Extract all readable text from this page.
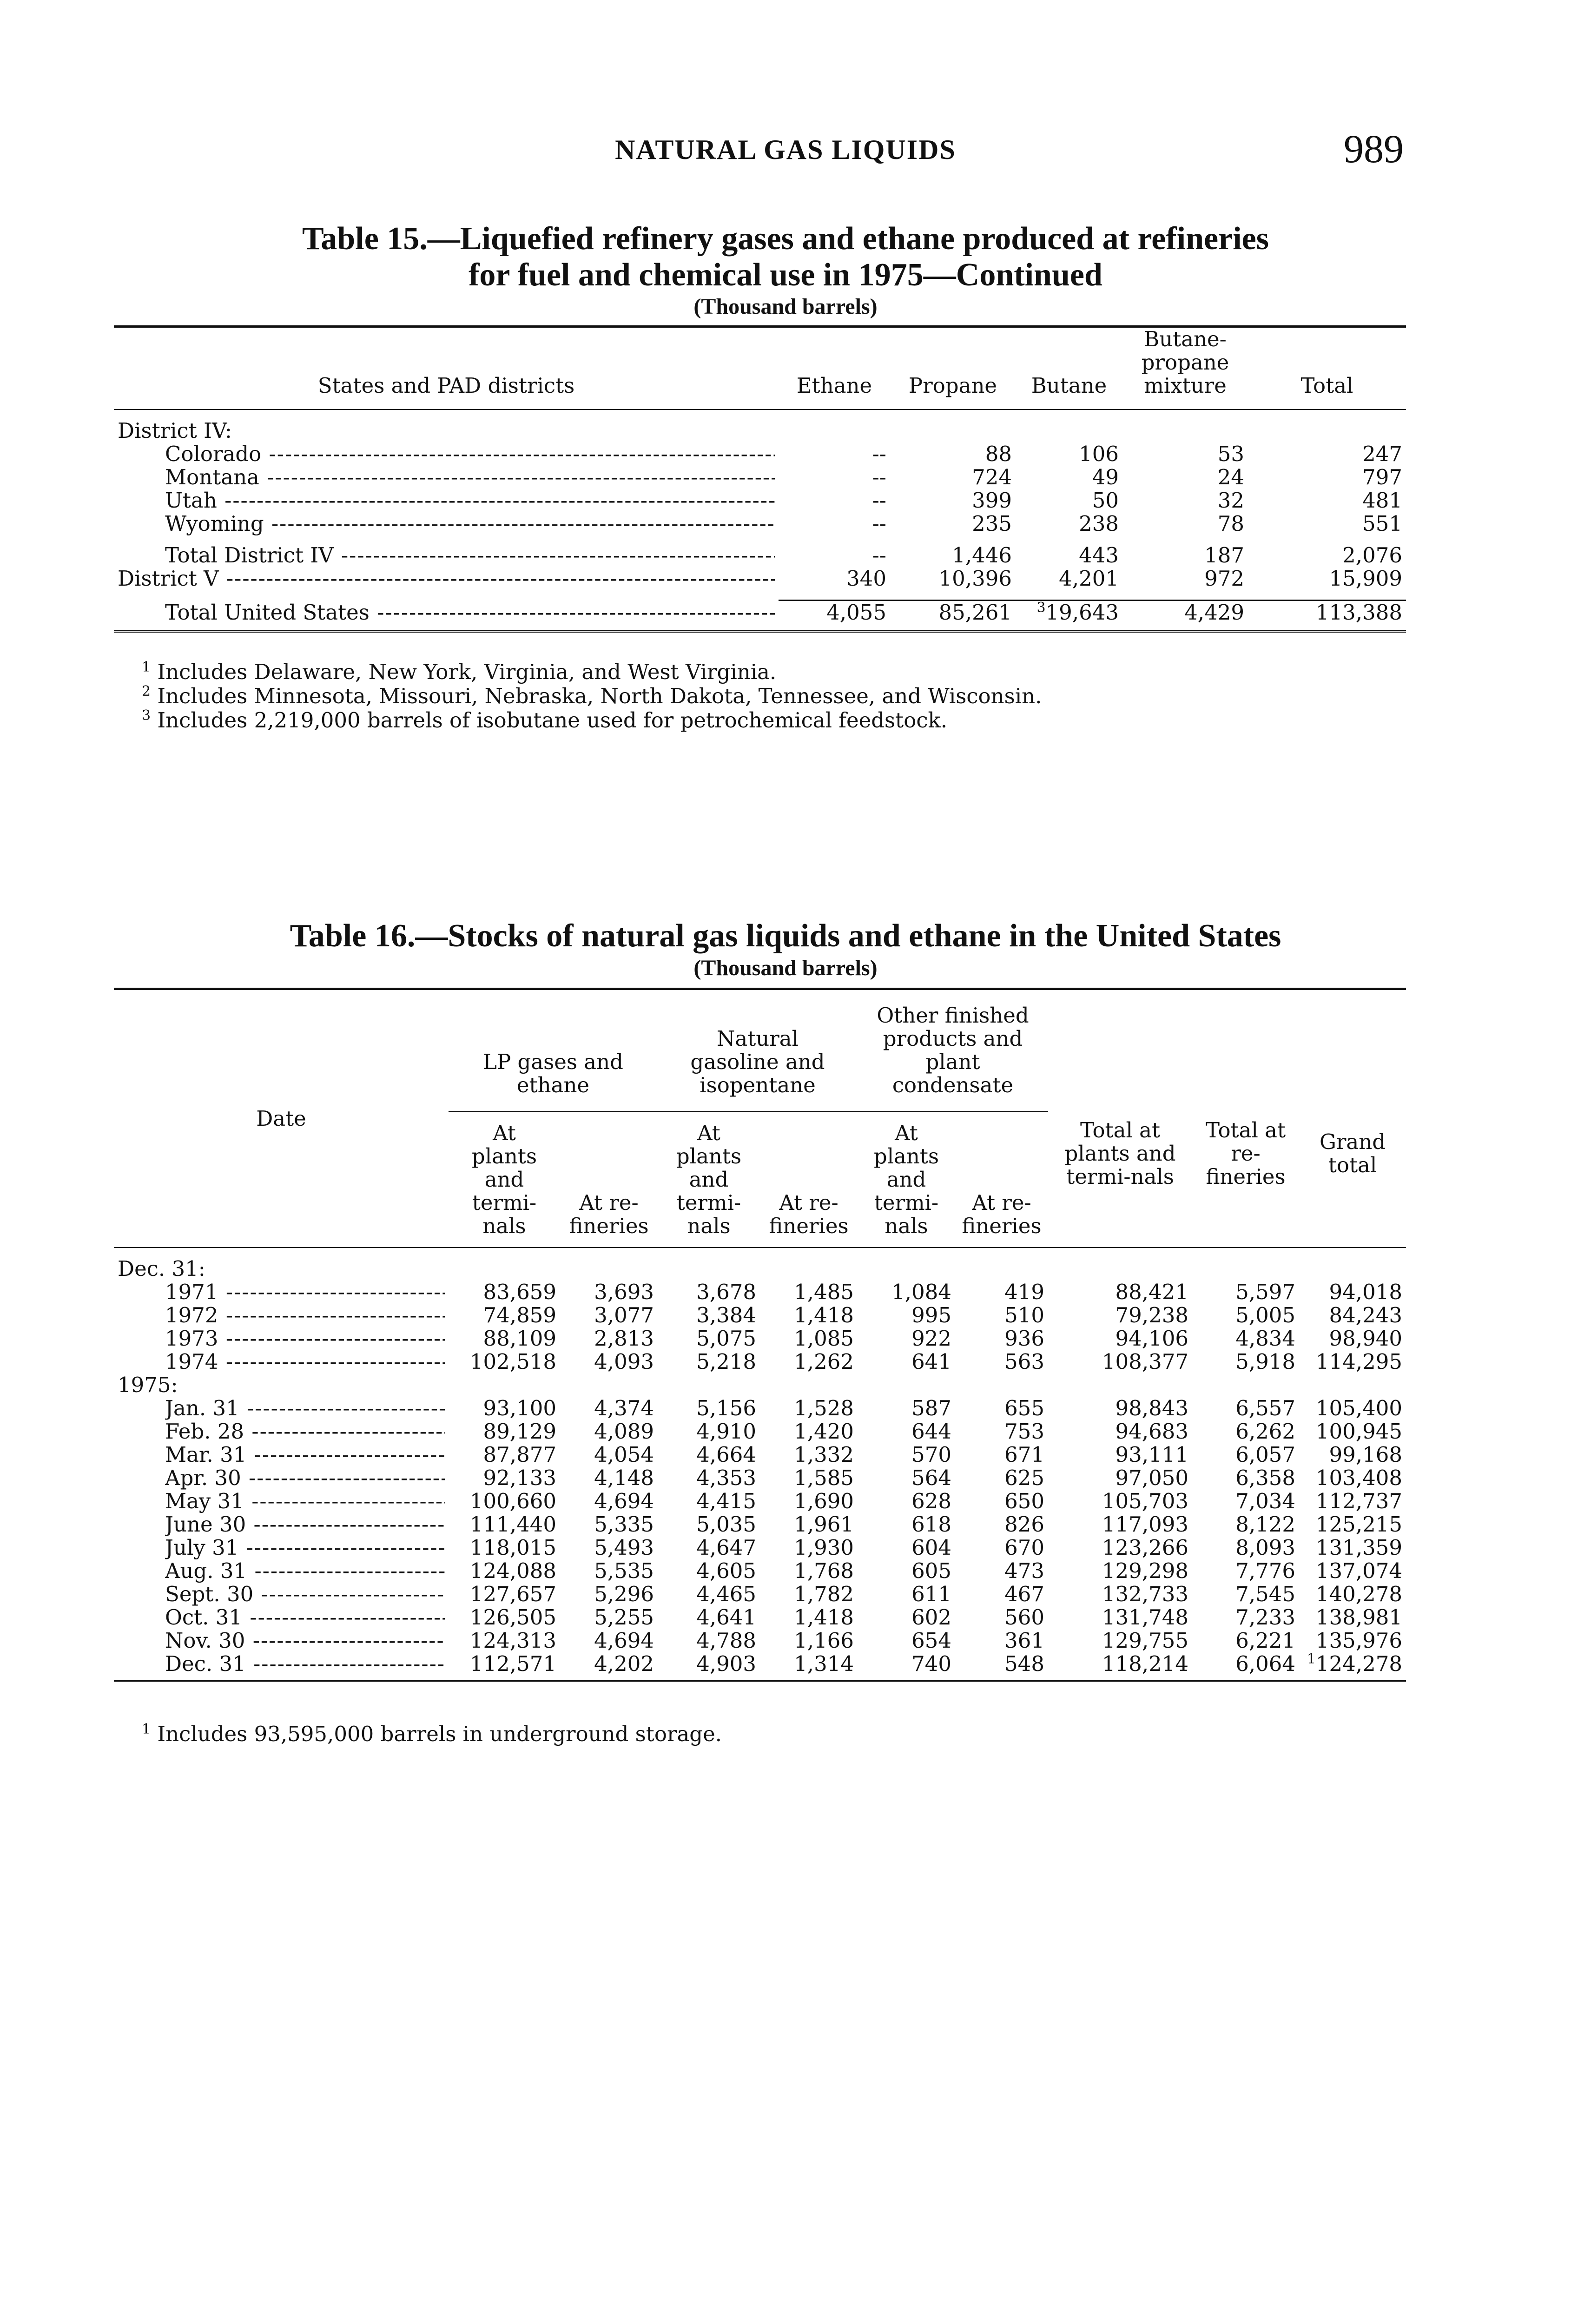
NATURAL GAS LIQUIDS	989
Table 15.—Liquefied refinery gases and ethane produced at refineries
for fuel and chemical use in 1975—Continued
(Thousand barrels)
States and PAD districts	Ethane	Propane	Butane	Butane-propane mixture	Total

District IV:					

Colorado -----	--	88	106	53	247

Montana -----	--	724	49	24	797

Utah -----	--	399	50	32	481

Wyoming -----	--	235	238	78	551

Total District IV -----	--	1,446	443	187	2,076

District V -----	340	10,396	4,201	972	15,909

Total United States -----	4,055	85,261	$^3$19,643	4,429	113,388
$^1$ Includes Delaware, New York, Virginia, and West Virginia.
$^2$ Includes Minnesota, Missouri, Nebraska, North Dakota, Tennessee, and Wisconsin.
$^3$ Includes 2,219,000 barrels of isobutane used for petrochemical feedstock.
Table 16.—Stocks of natural gas liquids and ethane in the United States
(Thousand barrels)
Date	LP gases and ethane		Natural gasoline and isopentane		Other finished products and plant condensate		Total at plants and termi-nals	Total at re-fineries	Grand total
	At plants and termi-nals	At re-fineries	At plants and termi-nals	At re-fineries	At plants and termi-nals	At re-fineries			

Dec. 31:									

1971 -----	83,659	3,693	3,678	1,485	1,084	419	88,421	5,597	94,018

1972 -----	74,859	3,077	3,384	1,418	995	510	79,238	5,005	84,243

1973 -----	88,109	2,813	5,075	1,085	922	936	94,106	4,834	98,940

1974 -----	102,518	4,093	5,218	1,262	641	563	108,377	5,918	114,295
1975:									

Jan. 31 -----	93,100	4,374	5,156	1,528	587	655	98,843	6,557	105,400

Feb. 28 -----	89,129	4,089	4,910	1,420	644	753	94,683	6,262	100,945

Mar. 31 -----	87,877	4,054	4,664	1,332	570	671	93,111	6,057	99,168

Apr. 30 -----	92,133	4,148	4,353	1,585	564	625	97,050	6,358	103,408

May 31 -----	100,660	4,694	4,415	1,690	628	650	105,703	7,034	112,737

June 30 -----	111,440	5,335	5,035	1,961	618	826	117,093	8,122	125,215

July 31 -----	118,015	5,493	4,647	1,930	604	670	123,266	8,093	131,359

Aug. 31 -----	124,088	5,535	4,605	1,768	605	473	129,298	7,776	137,074

Sept. 30 -----	127,657	5,296	4,465	1,782	611	467	132,733	7,545	140,278

Oct. 31 -----	126,505	5,255	4,641	1,418	602	560	131,748	7,233	138,981

Nov. 30 -----	124,313	4,694	4,788	1,166	654	361	129,755	6,221	135,976

Dec. 31 -----	112,571	4,202	4,903	1,314	740	548	118,214	6,064	$^1$124,278

$^1$ Includes 93,595,000 barrels in underground storage.
